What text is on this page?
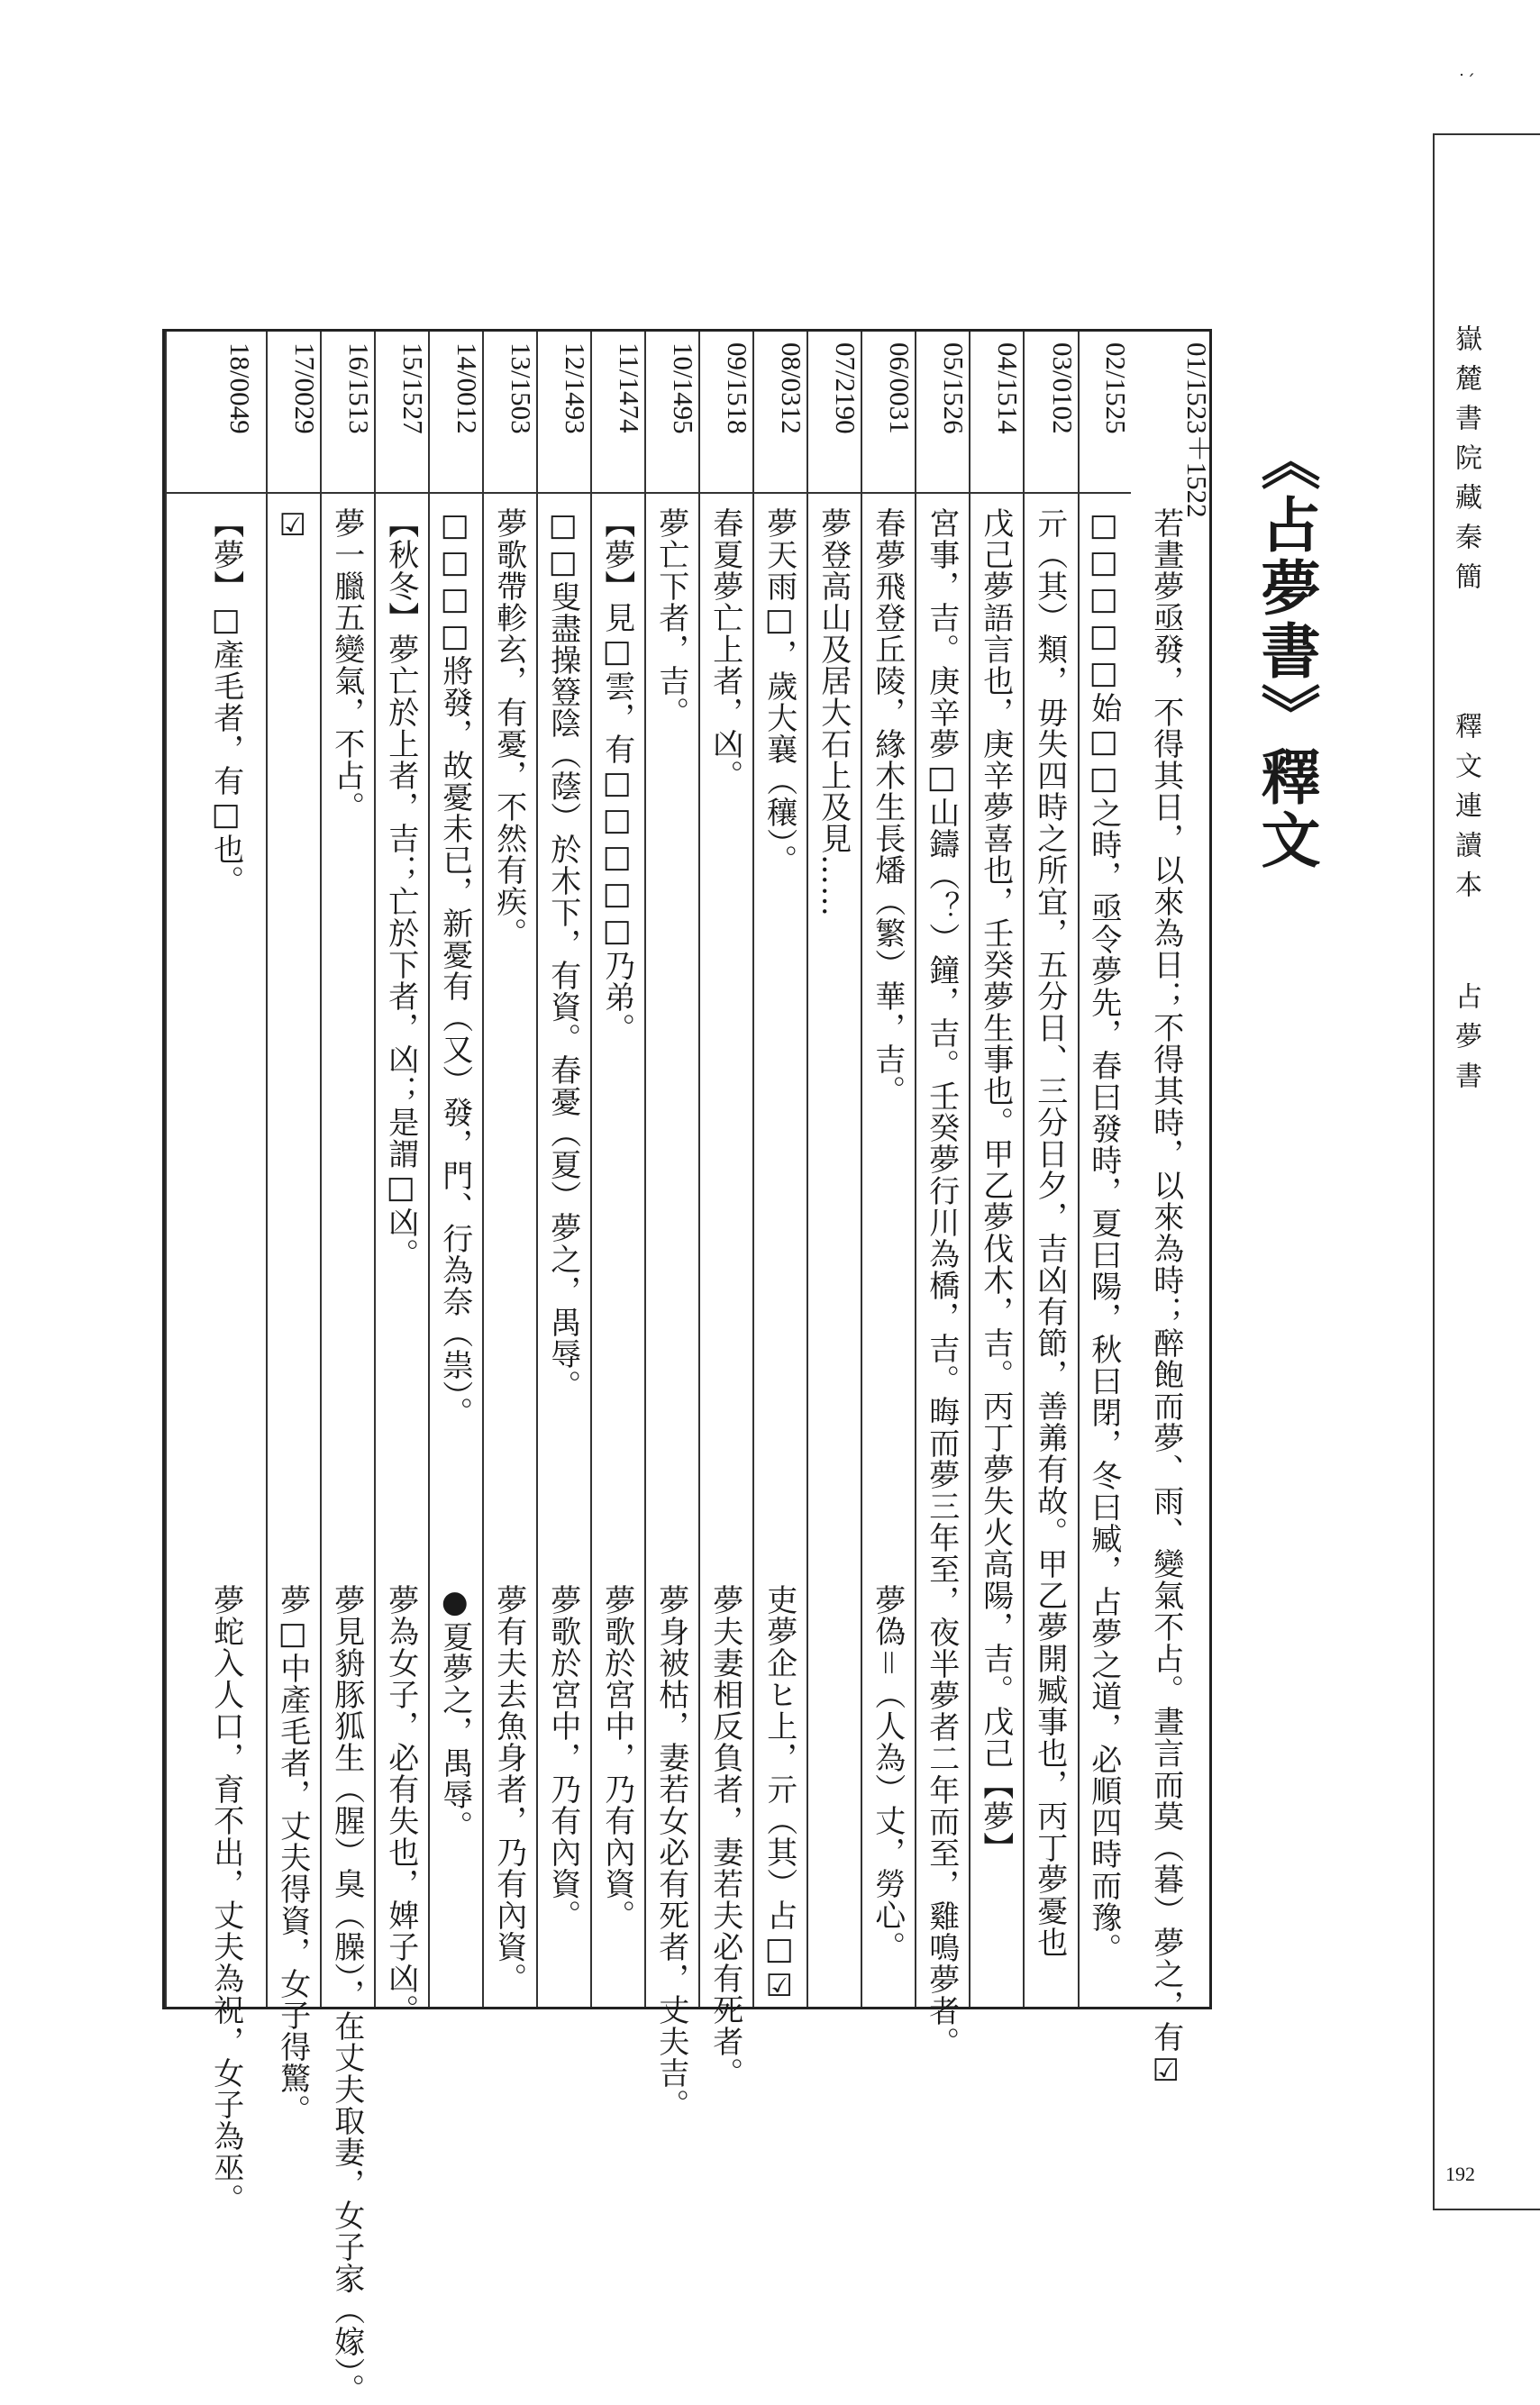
˙ˊ
嶽麓書院藏秦簡
釋文連讀本
占夢書
192
《占夢書》釋文
01/1523＋1522
若晝夢亟發，不得其日，以來為日；不得其時，以來為時；醉飽而夢、雨、變氣不占。晝言而莫（暮）夢之，有☑
02/1525
□□□□□始□□之時，亟令夢先，春曰發時，夏曰陽，秋曰閉，冬曰臧，占夢之道，必順四時而豫。
03/0102
亓（其）類，毋失四時之所宜，五分日、三分日夕，吉凶有節，善羛有故。甲乙夢開臧事也，丙丁夢憂也
04/1514
戊己夢語言也，庚辛夢喜也，壬癸夢生事也。甲乙夢伐木，吉。丙丁夢失火高陽，吉。戊己【夢】
05/1526
宮事，吉。庚辛夢□山鑄（？）鐘，吉。壬癸夢行川為橋，吉。晦而夢三年至，夜半夢者二年而至，雞鳴夢者。
06/0031
春夢飛登丘陵，緣木生長燔（繁）華，吉。
夢偽＝（人為）丈，勞心。
07/2190
夢登高山及居大石上及見……
08/0312
夢天雨□，歲大襄（穰）。
吏夢企ヒ上，亓（其）占□☑
09/1518
春夏夢亡上者，凶。
夢夫妻相反負者，妻若夫必有死者。
10/1495
夢亡下者，吉。
夢身被枯，妻若女必有死者，丈夫吉。
11/1474
【夢】見□雲，有□□□□□乃弟。
夢歌於宮中，乃有內資。
12/1493
□□叟盡操簦陰（蔭）於木下，有資。春憂（夏）夢之，禺辱。
夢歌於宮中，乃有內資。
13/1503
夢歌帶軫玄，有憂，不然有疾。
夢有夫去魚身者，乃有內資。
14/0012
□□□□將發，故憂未已，新憂有（又）發，門、行為奈（祟）。
●夏夢之，禺辱。
15/1527
【秋冬】夢亡於上者，吉；亡於下者，凶；是謂□凶。
夢為女子，必有失也，婢子凶。
16/1513
夢一臘五變氣，不占。
夢見貈豚狐生（腥）臭（臊），在丈夫取妻，女子家（嫁）。
17/0029
☑
夢□中產毛者，丈夫得資，女子得驚。
18/0049
【夢】□產毛者，有□也。
夢蛇入人口，育不出，丈夫為祝，女子為巫。
